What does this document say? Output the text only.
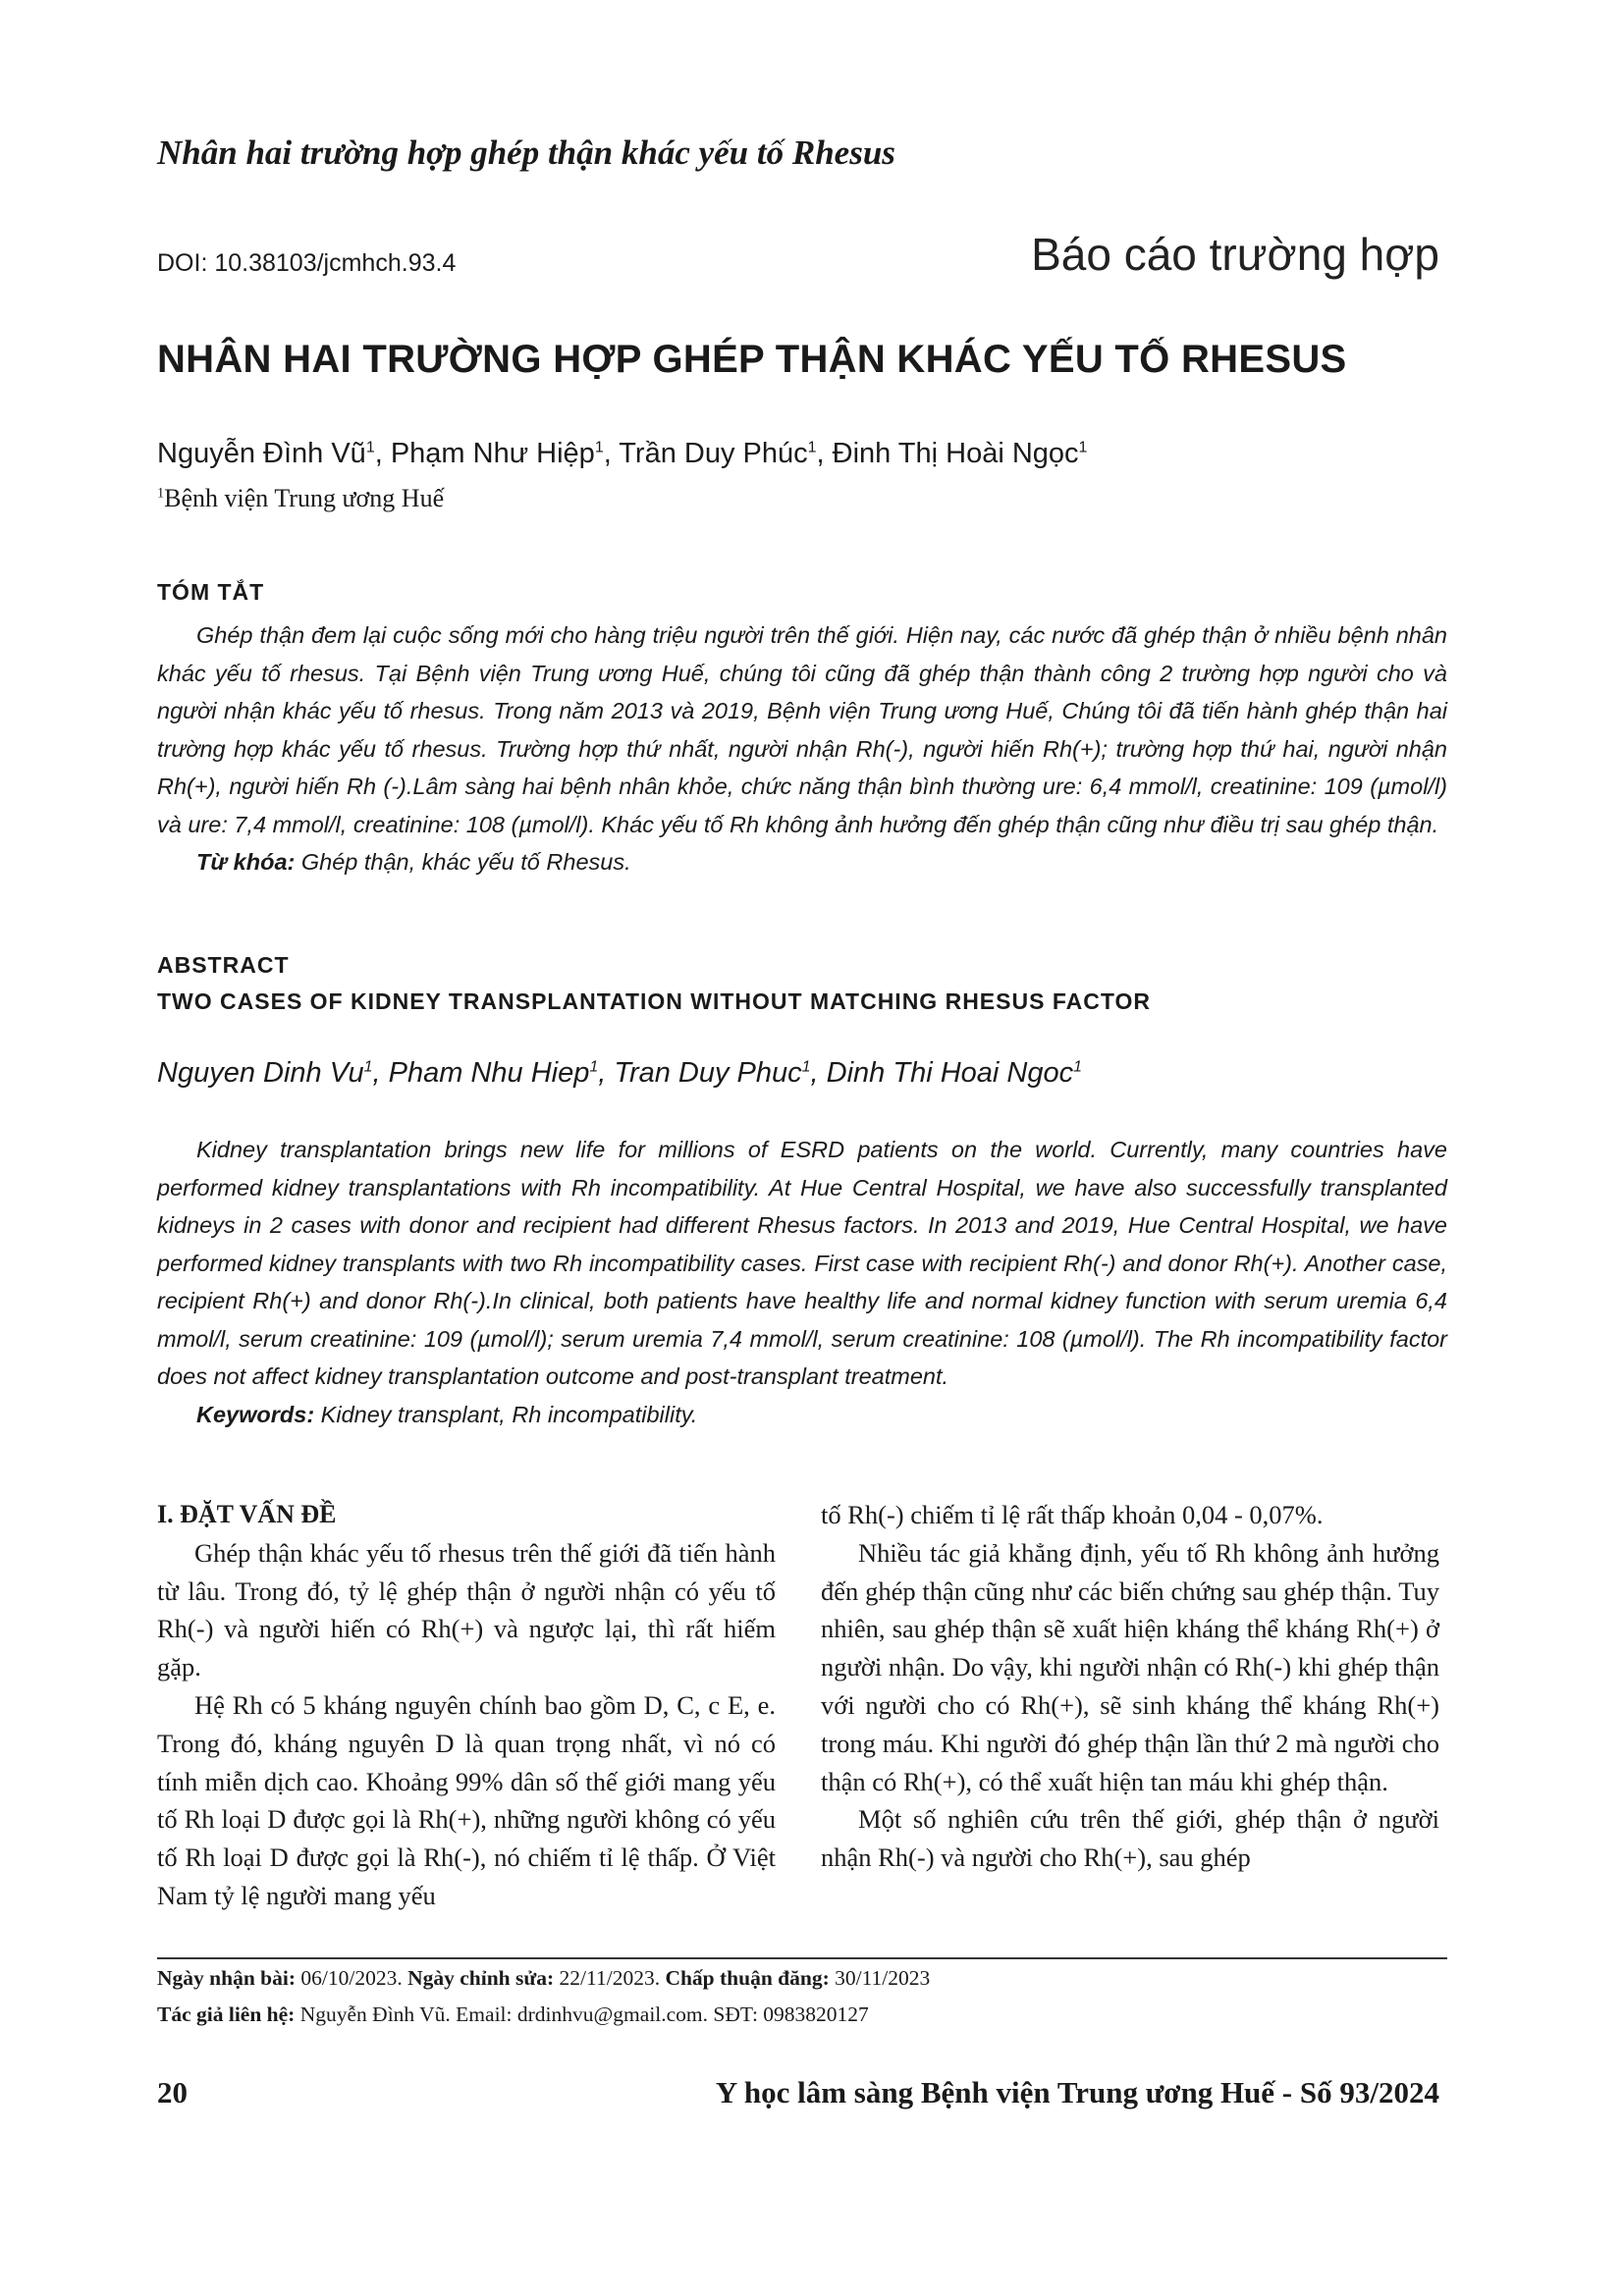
Nhân hai trường hợp ghép thận khác yếu tố Rhesus
DOI: 10.38103/jcmhch.93.4	Báo cáo trường hợp
NHÂN HAI TRƯỜNG HỢP GHÉP THẬN KHÁC YẾU TỐ RHESUS
Nguyễn Đình $Vũ^1$, Phạm Như Hiệp$^1$, Trần Duy Phúc$^1$, Đinh Thị Hoài Ngọc$^1$
$^1$Bệnh viện Trung ương Huế
TÓM TẮT
Ghép thận đem lại cuộc sống mới cho hàng triệu người trên thế giới. Hiện nay, các nước đã ghép thận ở nhiều bệnh nhân khác yếu tố rhesus. Tại Bệnh viện Trung ương Huế, chúng tôi cũng đã ghép thận thành công 2 trường hợp người cho và người nhận khác yếu tố rhesus. Trong năm 2013 và 2019, Bệnh viện Trung ương Huế, Chúng tôi đã tiến hành ghép thận hai trường hợp khác yếu tố rhesus. Trường hợp thứ nhất, người nhận Rh(-), người hiến Rh(+); trường hợp thứ hai, người nhận Rh(+), người hiến Rh (-).Lâm sàng hai bệnh nhân khỏe, chức năng thận bình thường ure: 6,4 mmol/l, creatinine: 109 (µmol/l) và ure: 7,4 mmol/l, creatinine: 108 (µmol/l). Khác yếu tố Rh không ảnh hưởng đến ghép thận cũng như điều trị sau ghép thận.
Từ khóa: Ghép thận, khác yếu tố Rhesus.
ABSTRACT
TWO CASES OF KIDNEY TRANSPLANTATION WITHOUT MATCHING RHESUS FACTOR
Nguyen Dinh Vu$^1$, Pham Nhu Hiep$^1$, Tran Duy Phuc$^1$, Dinh Thi Hoai Ngoc$^1$
Kidney transplantation brings new life for millions of ESRD patients on the world. Currently, many countries have performed kidney transplantations with Rh incompatibility. At Hue Central Hospital, we have also successfully transplanted kidneys in 2 cases with donor and recipient had different Rhesus factors. In 2013 and 2019, Hue Central Hospital, we have performed kidney transplants with two Rh incompatibility cases. First case with recipient Rh(-) and donor Rh(+). Another case, recipient Rh(+) and donor Rh(-).In clinical, both patients have healthy life and normal kidney function with serum uremia 6,4 mmol/l, serum creatinine: 109 (µmol/l); serum uremia 7,4 mmol/l, serum creatinine: 108 (µmol/l). The Rh incompatibility factor does not affect kidney transplantation outcome and post-transplant treatment.
Keywords: Kidney transplant, Rh incompatibility.

I. ĐẶT VẤN ĐỀ

Ghép thận khác yếu tố rhesus trên thế giới đã tiến hành từ lâu. Trong đó, tỷ lệ ghép thận ở người nhận có yếu tố Rh(-) và người hiến có Rh(+) và ngược lại, thì rất hiếm gặp.

Hệ Rh có 5 kháng nguyên chính bao gồm D, C, c E, e. Trong đó, kháng nguyên D là quan trọng nhất, vì nó có tính miễn dịch cao. Khoảng 99% dân số thế giới mang yếu tố Rh loại D được gọi là Rh(+), những người không có yếu tố Rh loại D được gọi là Rh(-), nó chiếm tỉ lệ thấp. Ở Việt Nam tỷ lệ người mang yếu

tố Rh(-) chiếm tỉ lệ rất thấp khoản 0,04 - 0,07%.

Nhiều tác giả khẳng định, yếu tố Rh không ảnh hưởng đến ghép thận cũng như các biến chứng sau ghép thận. Tuy nhiên, sau ghép thận sẽ xuất hiện kháng thể kháng Rh(+) ở người nhận. Do vậy, khi người nhận có Rh(-) khi ghép thận với người cho có Rh(+), sẽ sinh kháng thể kháng Rh(+) trong máu. Khi người đó ghép thận lần thứ 2 mà người cho thận có Rh(+), có thể xuất hiện tan máu khi ghép thận.

Một số nghiên cứu trên thế giới, ghép thận ở người nhận Rh(-) và người cho Rh(+), sau ghép

Ngày nhận bài: 06/10/2023. Ngày chỉnh sửa: 22/11/2023. Chấp thuận đăng: 30/11/2023
Tác giả liên hệ: Nguyễn Đình Vũ. Email: drdinhvu@gmail.com. SĐT: 0983820127
20	Y học lâm sàng Bệnh viện Trung ương Huế - Số 93/2024
